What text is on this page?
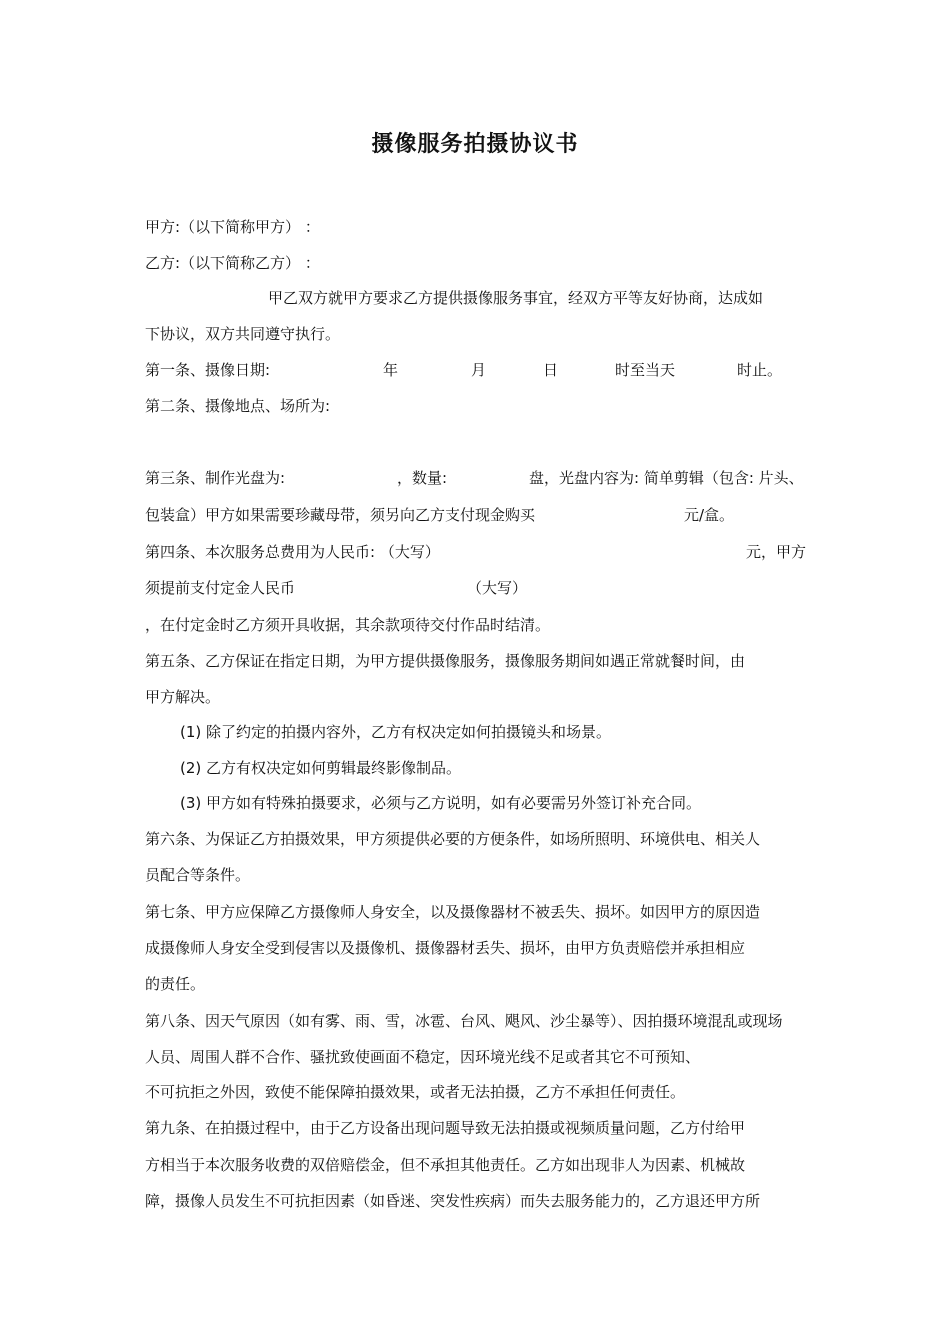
摄像服务拍摄协议书
甲方:（以下简称甲方） ：
乙方:（以下简称乙方） ：
甲乙双方就甲方要求乙方提供摄像服务事宜，经双方平等友好协商，达成如
下协议，双方共同遵守执行。
第一条、摄像日期:	年	月	日	时至当天	时止。
第二条、摄像地点、场所为:
第三条、制作光盘为:	，数量:	盘，光盘内容为: 简单剪辑（包含: 片头、
包装盒）甲方如果需要珍藏母带，须另向乙方支付现金购买	元/盒。
第四条、本次服务总费用为人民币: （大写）	元，甲方
须提前支付定金人民币	（大写）
，在付定金时乙方须开具收据，其余款项待交付作品时结清。
第五条、乙方保证在指定日期，为甲方提供摄像服务，摄像服务期间如遇正常就餐时间，由
甲方解决。
(1) 除了约定的拍摄内容外，乙方有权决定如何拍摄镜头和场景。
(2) 乙方有权决定如何剪辑最终影像制品。
(3) 甲方如有特殊拍摄要求，必须与乙方说明，如有必要需另外签订补充合同。
第六条、为保证乙方拍摄效果，甲方须提供必要的方便条件，如场所照明、环境供电、相关人
员配合等条件。
第七条、甲方应保障乙方摄像师人身安全，以及摄像器材不被丢失、损坏。如因甲方的原因造
成摄像师人身安全受到侵害以及摄像机、摄像器材丢失、损坏，由甲方负责赔偿并承担相应
的责任。
第八条、因天气原因（如有雾、雨、雪，冰雹、台风、飓风、沙尘暴等）、因拍摄环境混乱或现场
人员、周围人群不合作、骚扰致使画面不稳定，因环境光线不足或者其它不可预知、
不可抗拒之外因，致使不能保障拍摄效果，或者无法拍摄，乙方不承担任何责任。
第九条、在拍摄过程中，由于乙方设备出现问题导致无法拍摄或视频质量问题，乙方付给甲
方相当于本次服务收费的双倍赔偿金，但不承担其他责任。乙方如出现非人为因素、机械故
障，摄像人员发生不可抗拒因素（如昏迷、突发性疾病）而失去服务能力的，乙方退还甲方所
